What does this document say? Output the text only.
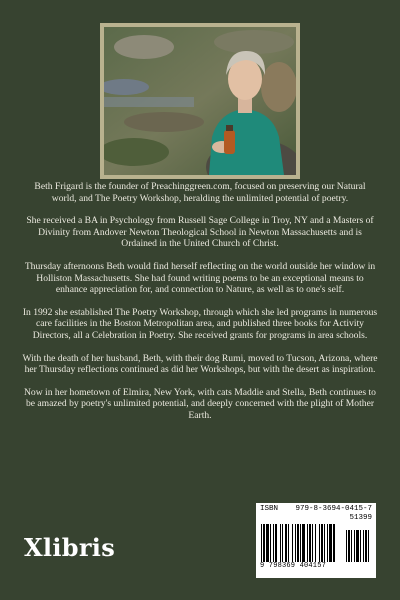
Beth Frigard is the founder of Preachinggreen.com, focused on preserving our Natural world, and The Poetry Workshop, heralding the unlimited potential of poetry.

She received a BA in Psychology from Russell Sage College in Troy, NY and a Masters of Divinity from Andover Newton Theological School in Newton Massachusetts and is Ordained in the United Church of Christ.

Thursday afternoons Beth would find herself reflecting on the world outside her window in Holliston Massachusetts. She had found writing poems to be an exceptional means to enhance appreciation for, and connection to Nature, as well as to one's self.

In 1992 she established The Poetry Workshop, through which she led programs in numerous care facilities in the Boston Metropolitan area, and published three books for Activity Directors, all a Celebration in Poetry. She received grants for programs in area schools.

With the death of her husband, Beth, with their dog Rumi, moved to Tucson, Arizona, where her Thursday reflections continued as did her Workshops, but with the desert as inspiration.

Now in her hometown of Elmira, New York, with cats Maddie and Stella, Beth continues to be amazed by poetry's unlimited potential, and deeply concerned with the plight of Mother Earth.

Xlibris
ISBN 979-8-3694-0415-7
51399
9 798369 404157
